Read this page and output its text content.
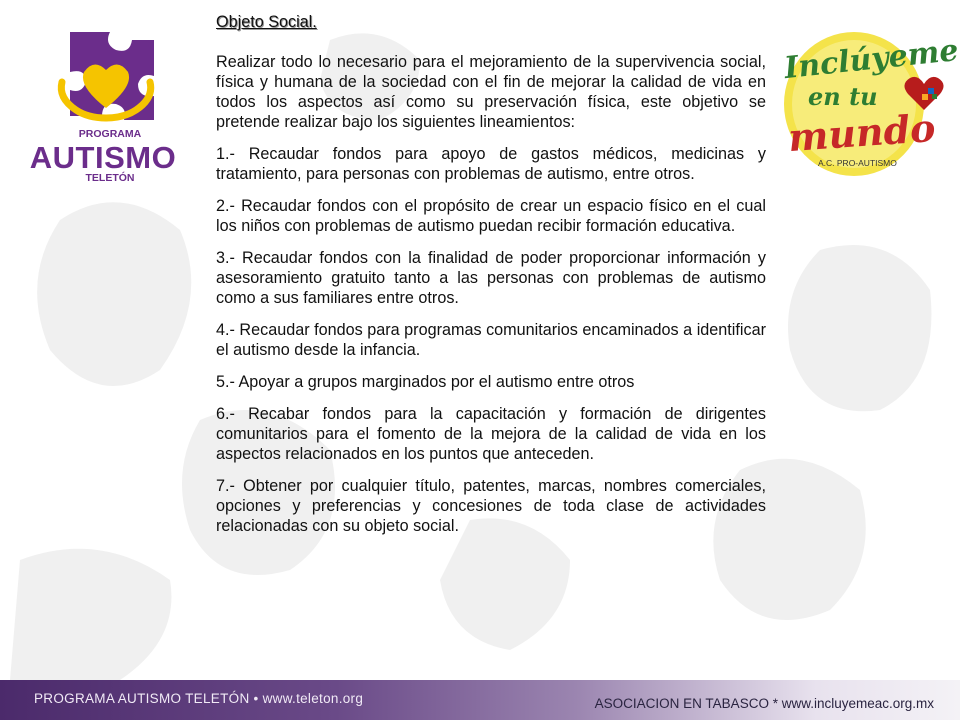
PROGRAMA
AUTISMO
TELETÓN
Inclúyeme
en tu
mundo
A.C. PRO-AUTISMO
Objeto Social.

Realizar todo lo necesario para el mejoramiento de la supervivencia social, física y humana de la sociedad con el fin de mejorar la calidad de vida en todos los aspectos así como su preservación física, este objetivo se pretende realizar bajo los siguientes lineamientos:

1.- Recaudar fondos para apoyo de gastos médicos, medicinas y tratamiento, para personas con problemas de autismo, entre otros.

2.- Recaudar fondos con el propósito de crear un espacio físico en el cual los niños con problemas de autismo puedan recibir formación educativa.

3.- Recaudar fondos con la finalidad de poder proporcionar información y asesoramiento gratuito tanto a las personas con problemas de autismo como a sus familiares entre otros.

4.- Recaudar fondos para programas comunitarios encaminados a identificar el autismo desde la infancia.

5.- Apoyar a grupos marginados por el autismo entre otros

6.- Recabar fondos para la capacitación y formación de dirigentes comunitarios para el fomento de la mejora de la calidad de vida en los aspectos relacionados en los puntos que anteceden.

7.- Obtener por cualquier título, patentes, marcas, nombres comerciales, opciones y preferencias y concesiones de toda clase de actividades relacionadas con su objeto social.

PROGRAMA AUTISMO TELETÓN • www.teleton.org	ASOCIACION EN TABASCO * www.incluyemeac.org.mx
